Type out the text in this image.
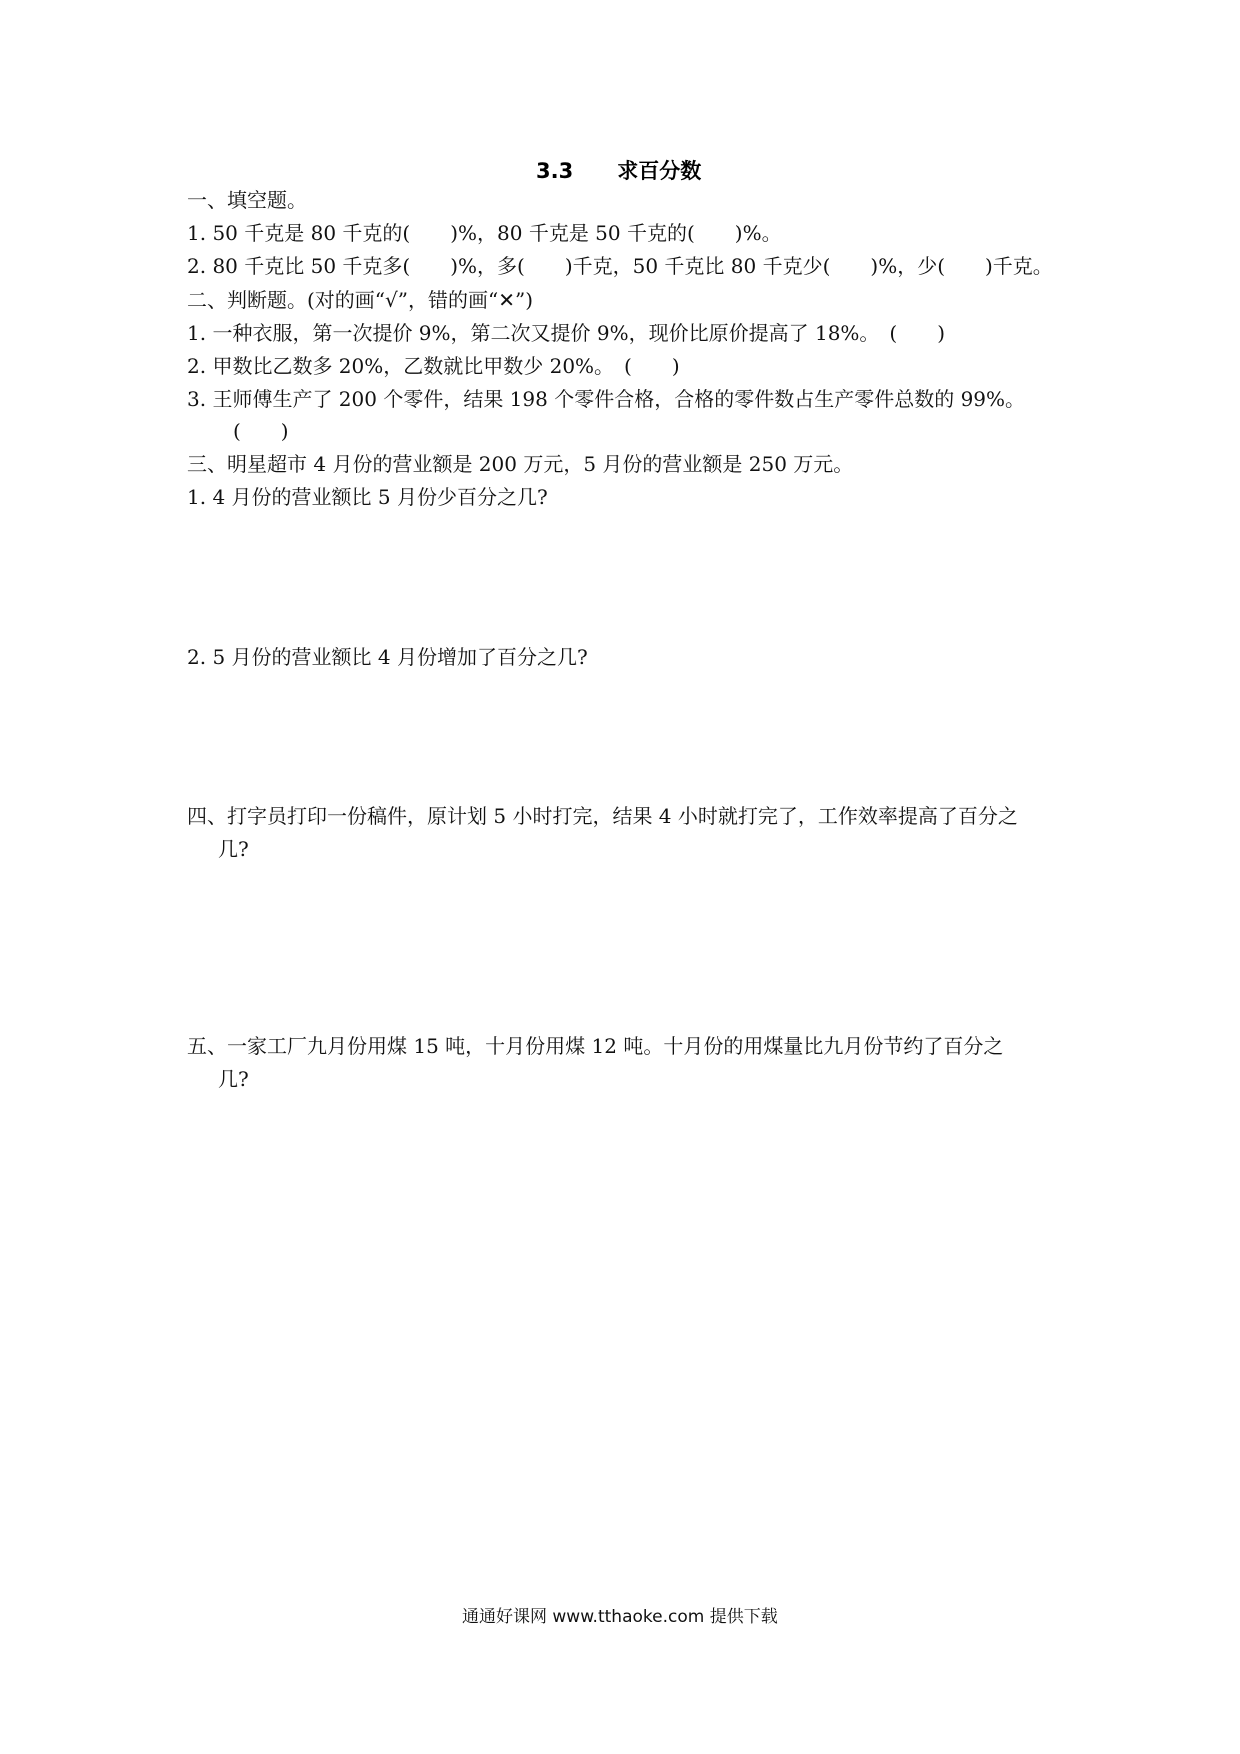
3.3 求百分数
一、填空题。
1. 50 千克是 80 千克的(　　)%，80 千克是 50 千克的(　　)%。
2. 80 千克比 50 千克多(　　)%，多(　　)千克，50 千克比 80 千克少(　　)%，少(　　)千克。
二、判断题。(对的画“√”，错的画“✕”)
1. 一种衣服，第一次提价 9%，第二次又提价 9%，现价比原价提高了 18%。　(　　)
2. 甲数比乙数多 20%，乙数就比甲数少 20%。　(　　)
3. 王师傅生产了 200 个零件，结果 198 个零件合格，合格的零件数占生产零件总数的 99%。
(　　)
三、明星超市 4 月份的营业额是 200 万元，5 月份的营业额是 250 万元。
1. 4 月份的营业额比 5 月份少百分之几?
2. 5 月份的营业额比 4 月份增加了百分之几?
四、打字员打印一份稿件，原计划 5 小时打完，结果 4 小时就打完了，工作效率提高了百分之
几?
五、一家工厂九月份用煤 15 吨，十月份用煤 12 吨。十月份的用煤量比九月份节约了百分之
几?
通通好课网 www.tthaoke.com 提供下载
